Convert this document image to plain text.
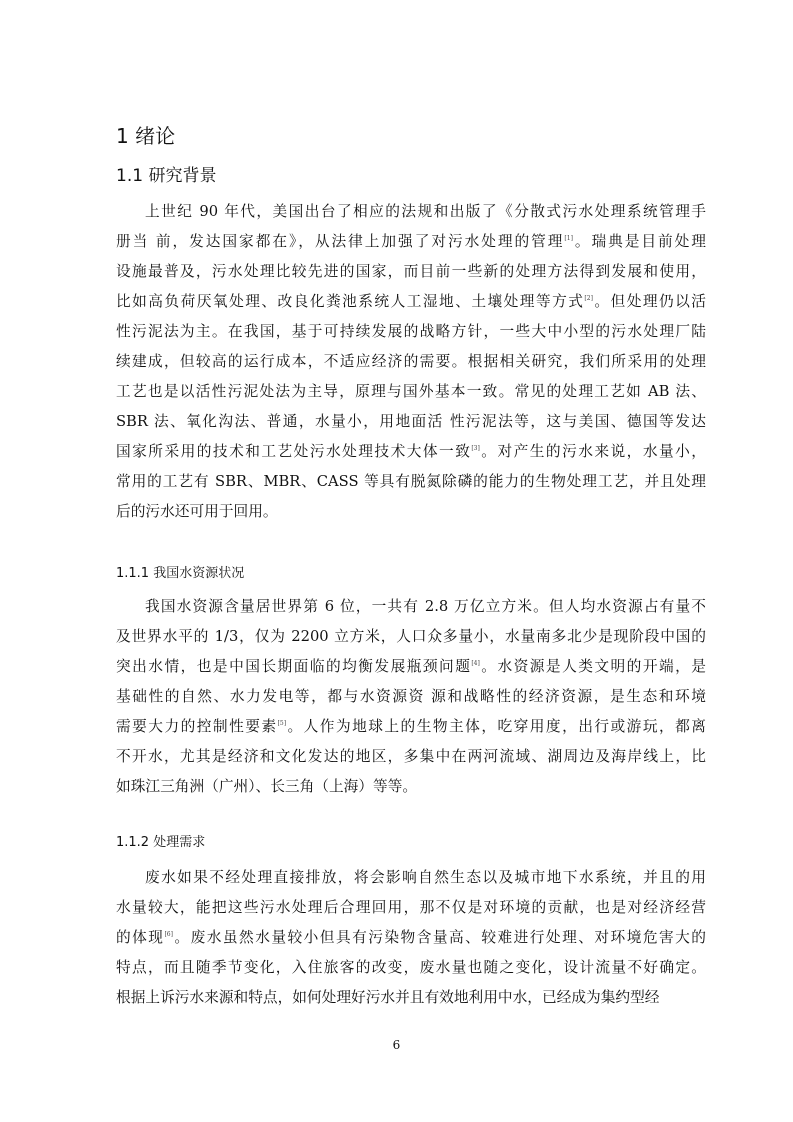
1 绪论
1.1 研究背景
上世纪 90 年代，美国出台了相应的法规和出版了《分散式污水处理系统管理手
册当 前，发达国家都在》，从法律上加强了对污水处理的管理[1]。瑞典是目前处理
设施最普及，污水处理比较先进的国家，而目前一些新的处理方法得到发展和使用，
比如高负荷厌氧处理、改良化粪池系统人工湿地、土壤处理等方式[2]。但处理仍以活
性污泥法为主。在我国，基于可持续发展的战略方针，一些大中小型的污水处理厂陆
续建成，但较高的运行成本，不适应经济的需要。根据相关研究，我们所采用的处理
工艺也是以活性污泥处法为主导，原理与国外基本一致。常见的处理工艺如 AB 法、
SBR 法、氧化沟法、普通，水量小，用地面活 性污泥法等，这与美国、德国等发达
国家所采用的技术和工艺处污水处理技术大体一致[3]。对产生的污水来说，水量小，
常用的工艺有 SBR、MBR、CASS 等具有脱氮除磷的能力的生物处理工艺，并且处理
后的污水还可用于回用。
1.1.1 我国水资源状况
我国水资源含量居世界第 6 位，一共有 2.8 万亿立方米。但人均水资源占有量不
及世界水平的 1/3，仅为 2200 立方米，人口众多量小，水量南多北少是现阶段中国的
突出水情，也是中国长期面临的均衡发展瓶颈问题[4]。水资源是人类文明的开端，是
基础性的自然、水力发电等，都与水资源资 源和战略性的经济资源，是生态和环境
需要大力的控制性要素[5]。人作为地球上的生物主体，吃穿用度，出行或游玩，都离
不开水，尤其是经济和文化发达的地区，多集中在两河流域、湖周边及海岸线上，比
如珠江三角洲（广州）、长三角（上海）等等。
1.1.2 处理需求
废水如果不经处理直接排放，将会影响自然生态以及城市地下水系统，并且的用
水量较大，能把这些污水处理后合理回用，那不仅是对环境的贡献，也是对经济经营
的体现[6]。废水虽然水量较小但具有污染物含量高、较难进行处理、对环境危害大的
特点，而且随季节变化，入住旅客的改变，废水量也随之变化，设计流量不好确定。
根据上诉污水来源和特点，如何处理好污水并且有效地利用中水，已经成为集约型经
6
